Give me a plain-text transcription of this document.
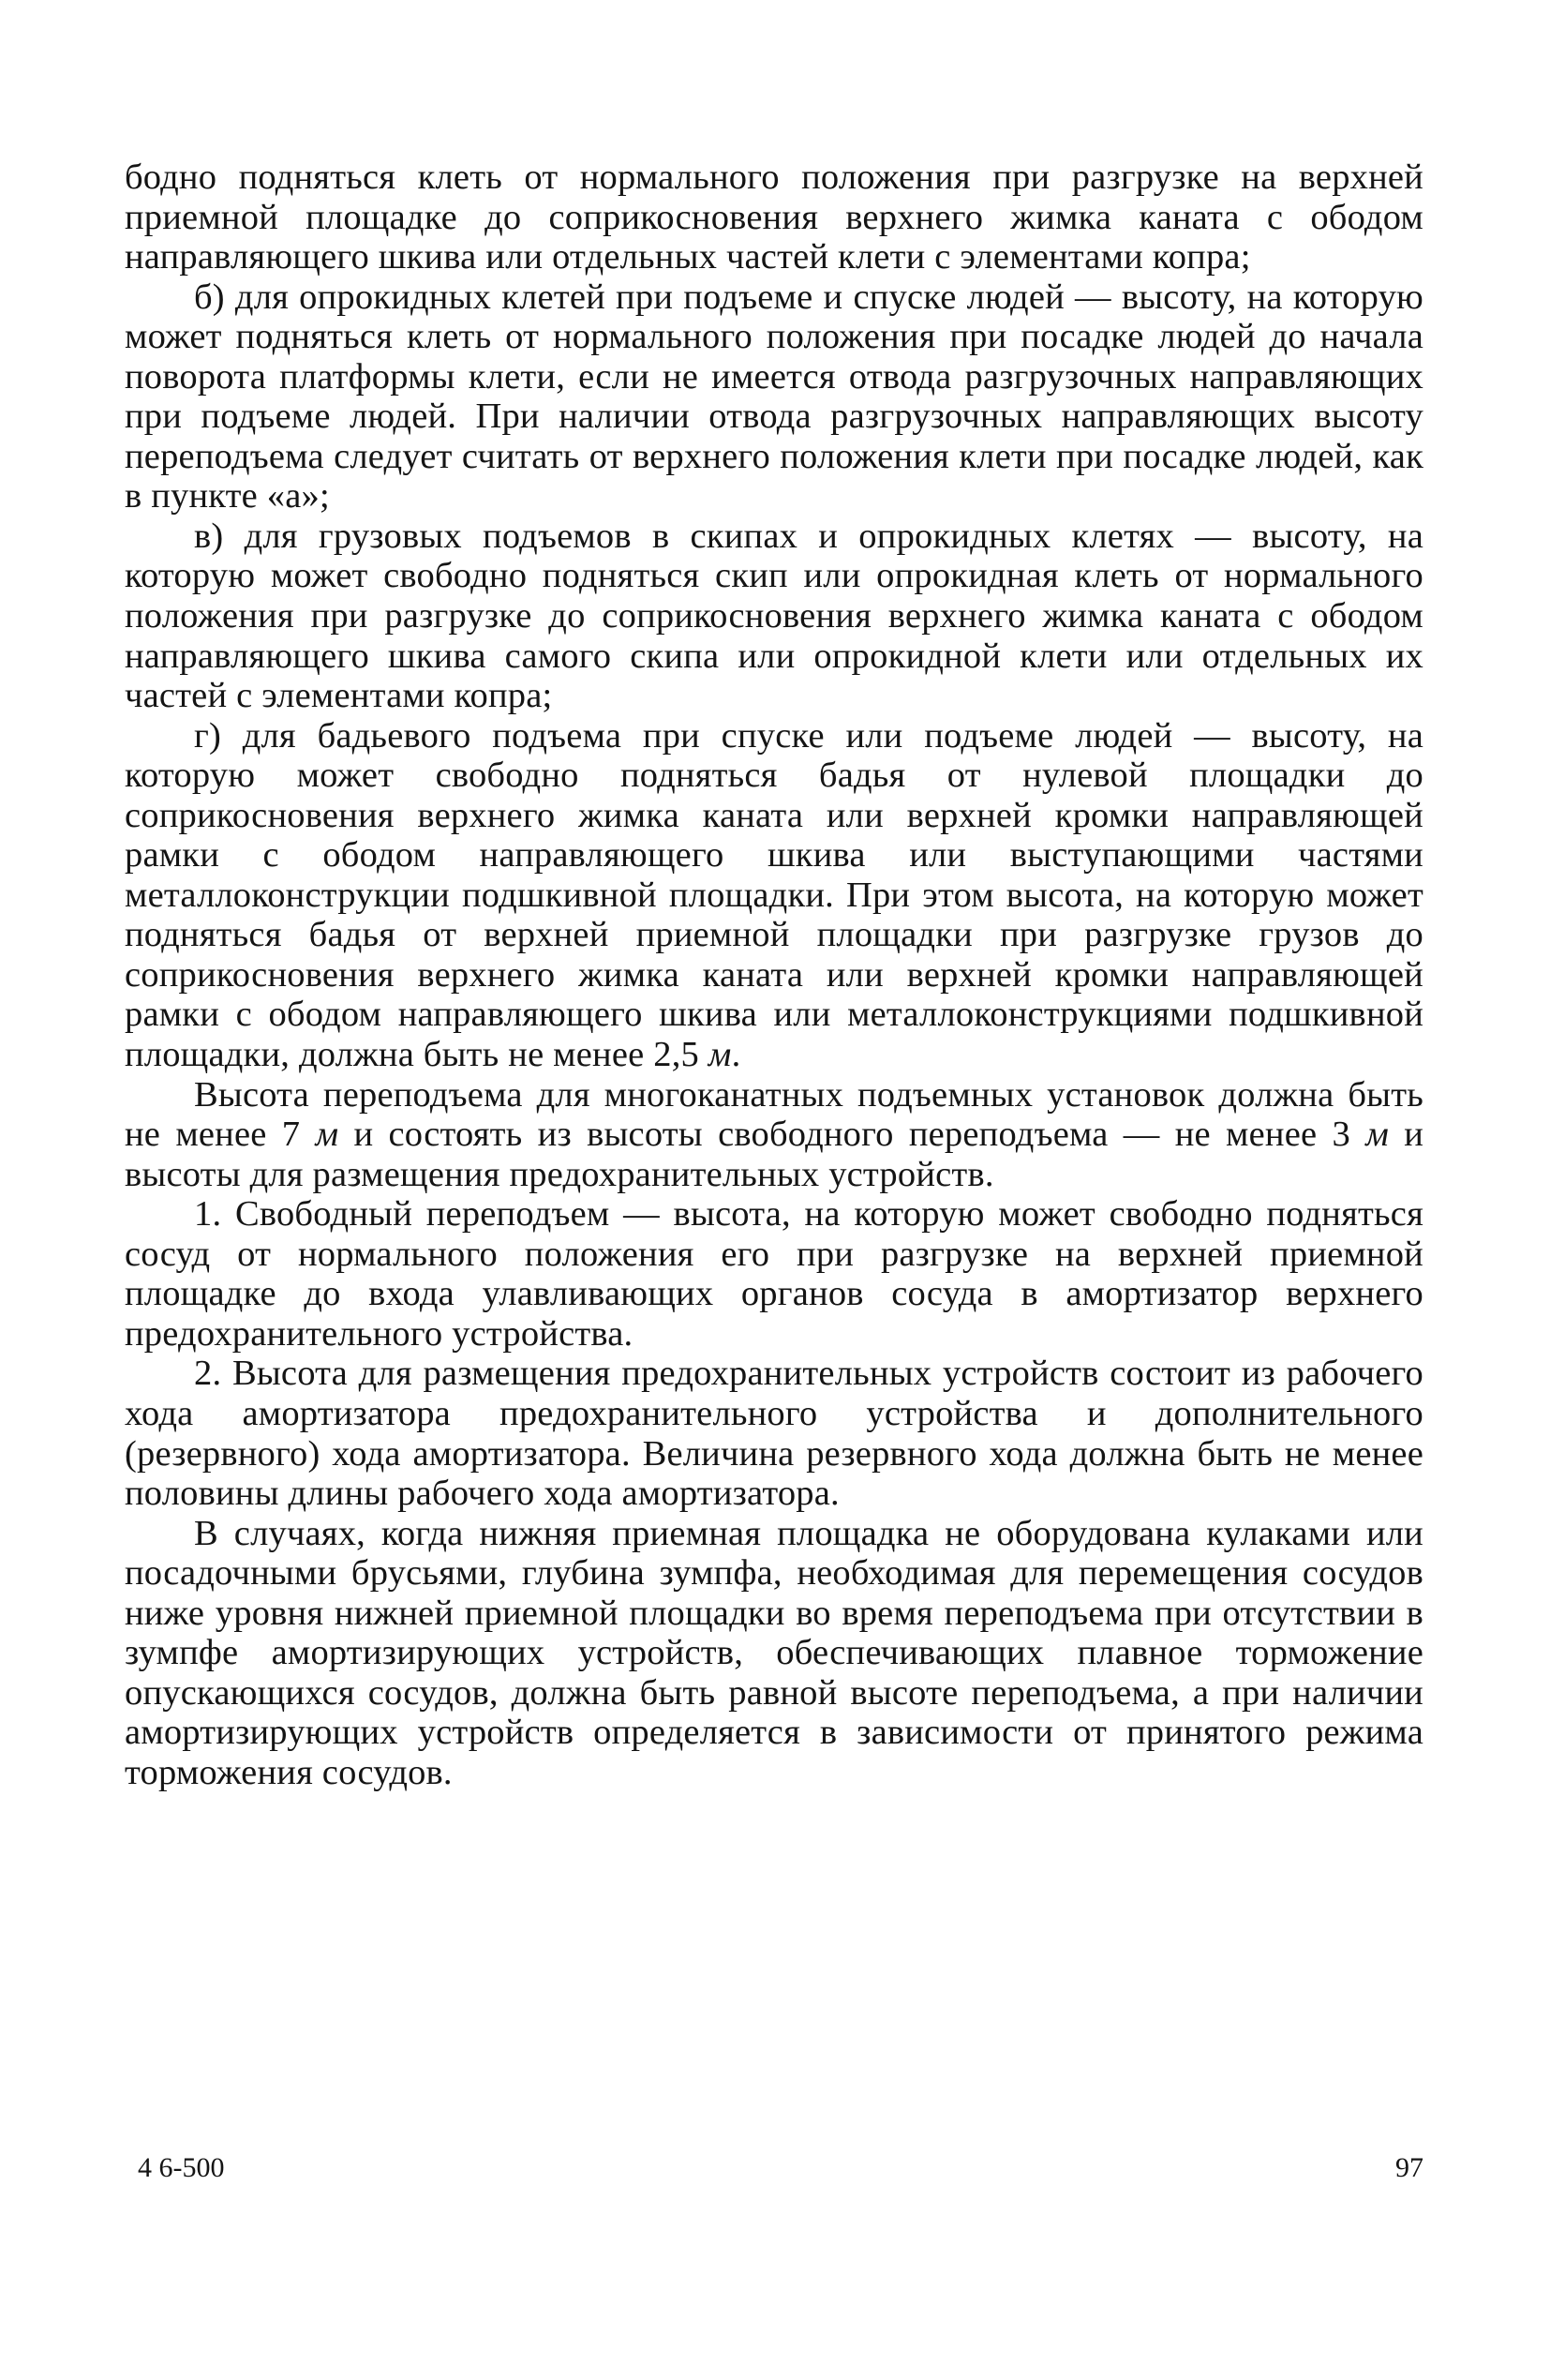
бодно подняться клеть от нормального положения при разгрузке на верхней приемной площадке до соприкосновения верхнего жимка каната с ободом направляющего шкива или отдельных частей клети с элементами копра;

б) для опрокидных клетей при подъеме и спуске людей — высоту, на которую может подняться клеть от нормального положения при посадке людей до начала поворота платформы клети, если не имеется отвода разгрузочных направляющих при подъеме людей. При наличии отвода разгрузочных направляющих высоту переподъема следует считать от верхнего положения клети при посадке людей, как в пункте «а»;

в) для грузовых подъемов в скипах и опрокидных клетях — высоту, на которую может свободно подняться скип или опрокидная клеть от нормального положения при разгрузке до соприкосновения верхнего жимка каната с ободом направляющего шкива самого скипа или опрокидной клети или отдельных их частей с элементами копра;

г) для бадьевого подъема при спуске или подъеме людей — высоту, на которую может свободно подняться бадья от нулевой площадки до соприкосновения верхнего жимка каната или верхней кромки направляющей рамки с ободом направляющего шкива или выступающими частями металлоконструкции подшкивной площадки. При этом высота, на которую может подняться бадья от верхней приемной площадки при разгрузке грузов до соприкосновения верхнего жимка каната или верхней кромки направляющей рамки с ободом направляющего шкива или металлоконструкциями подшкивной площадки, должна быть не менее 2,5 м.

Высота переподъема для многоканатных подъемных установок должна быть не менее 7 м и состоять из высоты свободного переподъема — не менее 3 м и высоты для размещения предохранительных устройств.

1. Свободный переподъем — высота, на которую может свободно подняться сосуд от нормального положения его при разгрузке на верхней приемной площадке до входа улавливающих органов сосуда в амортизатор верхнего предохранительного устройства.

2. Высота для размещения предохранительных устройств состоит из рабочего хода амортизатора предохранительного устройства и дополнительного (резервного) хода амортизатора. Величина резервного хода должна быть не менее половины длины рабочего хода амортизатора.

В случаях, когда нижняя приемная площадка не оборудована кулаками или посадочными брусьями, глубина зумпфа, необходимая для перемещения сосудов ниже уровня нижней приемной площадки во время переподъема при отсутствии в зумпфе амортизирующих устройств, обеспечивающих плавное торможение опускающихся сосудов, должна быть равной высоте переподъема, а при наличии амортизирующих устройств определяется в зависимости от принятого режима торможения сосудов.

4 6-500	97
